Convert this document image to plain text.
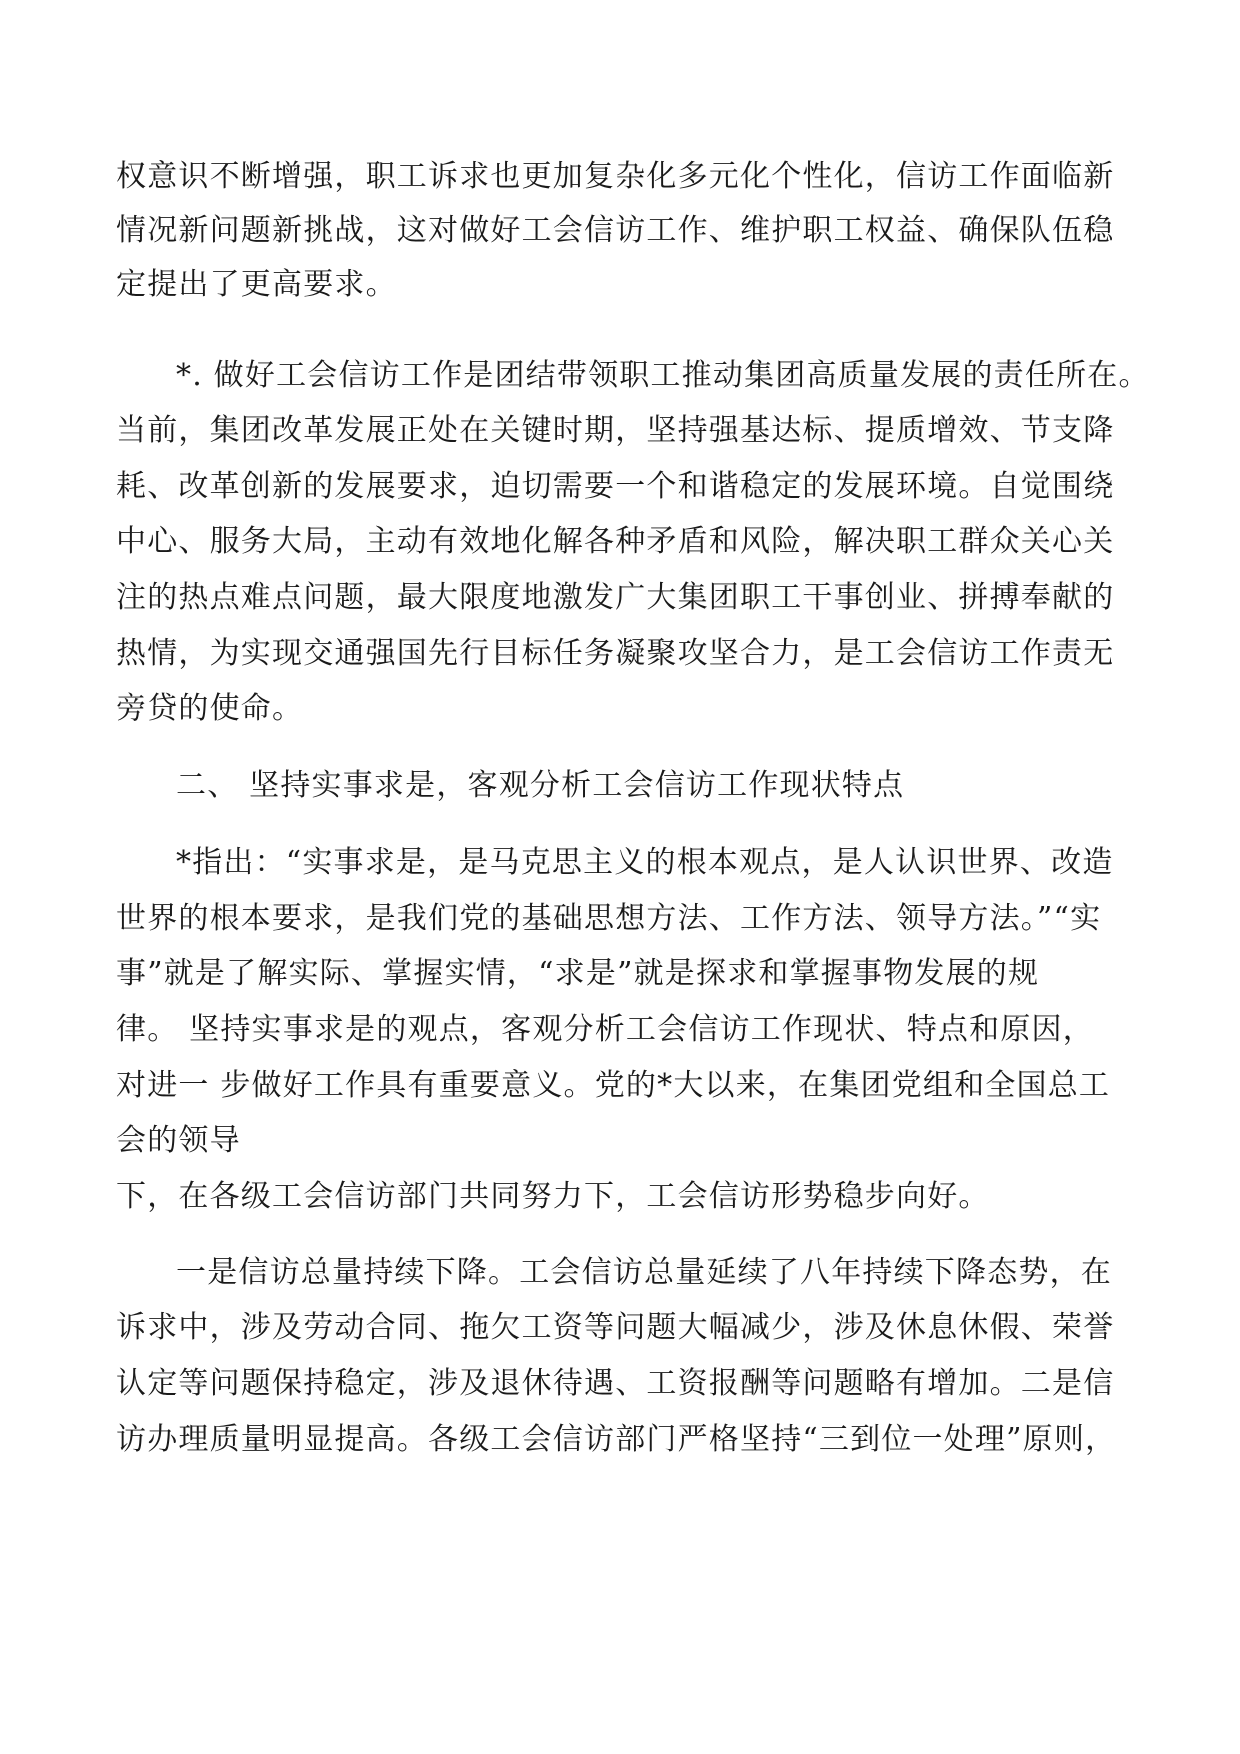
权意识不断增强，职工诉求也更加复杂化多元化个性化，信访工作面临新

情况新问题新挑战，这对做好工会信访工作、维护职工权益、确保队伍稳

定提出了更高要求。

*. 做好工会信访工作是团结带领职工推动集团高质量发展的责任所在。

当前，集团改革发展正处在关键时期，坚持强基达标、提质增效、节支降

耗、改革创新的发展要求，迫切需要一个和谐稳定的发展环境。自觉围绕

中心、服务大局，主动有效地化解各种矛盾和风险，解决职工群众关心关

注的热点难点问题，最大限度地激发广大集团职工干事创业、拼搏奉献的

热情，为实现交通强国先行目标任务凝聚攻坚合力，是工会信访工作责无

旁贷的使命。

二、 坚持实事求是，客观分析工会信访工作现状特点

*指出：“实事求是，是马克思主义的根本观点，是人认识世界、改造

世界的根本要求，是我们党的基础思想方法、工作方法、领导方法。”“实

事”就是了解实际、掌握实情，“求是”就是探求和掌握事物发展的规

律。 坚持实事求是的观点，客观分析工会信访工作现状、特点和原因，

对进一 步做好工作具有重要意义。党的*大以来，在集团党组和全国总工

会的领导

下，在各级工会信访部门共同努力下，工会信访形势稳步向好。

一是信访总量持续下降。工会信访总量延续了八年持续下降态势，在

诉求中，涉及劳动合同、拖欠工资等问题大幅减少，涉及休息休假、荣誉

认定等问题保持稳定，涉及退休待遇、工资报酬等问题略有增加。二是信

访办理质量明显提高。各级工会信访部门严格坚持“三到位一处理”原则，
